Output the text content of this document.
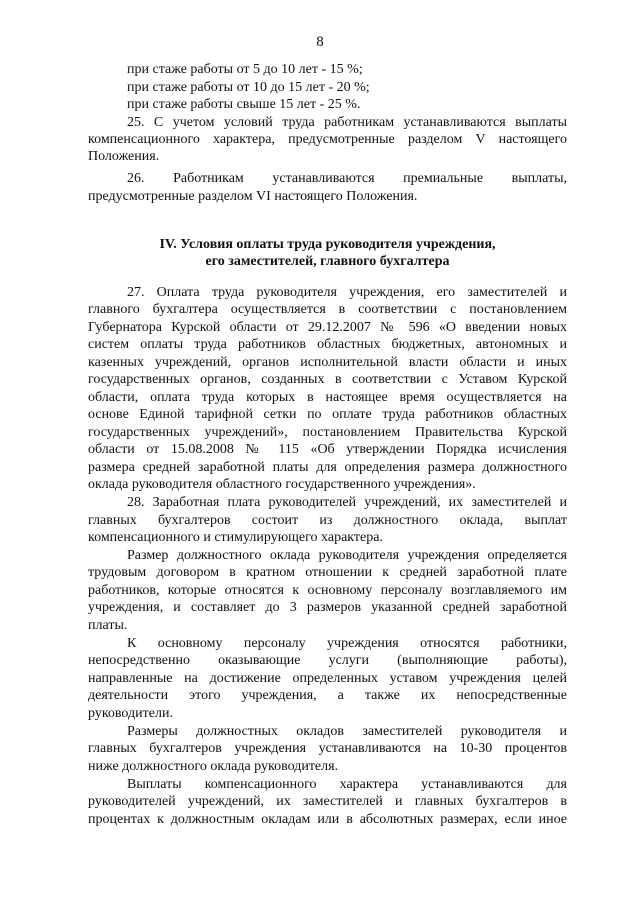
8
при стаже работы от 5 до 10 лет - 15 %;
при стаже работы от 10 до 15 лет - 20 %;
при стаже работы свыше 15 лет - 25 %.
25. С учетом условий труда работникам устанавливаются выплаты
компенсационного характера, предусмотренные разделом V настоящего
Положения.
26. Работникам устанавливаются премиальные выплаты,
предусмотренные разделом VI настоящего Положения.
IV. Условия оплаты труда руководителя учреждения,
его заместителей, главного бухгалтера
27. Оплата труда руководителя учреждения, его заместителей и
главного бухгалтера осуществляется в соответствии с постановлением
Губернатора Курской области от 29.12.2007 № 596 «О введении новых
систем оплаты труда работников областных бюджетных, автономных и
казенных учреждений, органов исполнительной власти области и иных
государственных органов, созданных в соответствии с Уставом Курской
области, оплата труда которых в настоящее время осуществляется на
основе Единой тарифной сетки по оплате труда работников областных
государственных учреждений», постановлением Правительства Курской
области от 15.08.2008 № 115 «Об утверждении Порядка исчисления
размера средней заработной платы для определения размера должностного
оклада руководителя областного государственного учреждения».
28. Заработная плата руководителей учреждений, их заместителей и
главных бухгалтеров состоит из должностного оклада, выплат
компенсационного и стимулирующего характера.
Размер должностного оклада руководителя учреждения определяется
трудовым договором в кратном отношении к средней заработной плате
работников, которые относятся к основному персоналу возглавляемого им
учреждения, и составляет до 3 размеров указанной средней заработной
платы.
К основному персоналу учреждения относятся работники,
непосредственно оказывающие услуги (выполняющие работы),
направленные на достижение определенных уставом учреждения целей
деятельности этого учреждения, а также их непосредственные
руководители.
Размеры должностных окладов заместителей руководителя и
главных бухгалтеров учреждения устанавливаются на 10-30 процентов
ниже должностного оклада руководителя.
Выплаты компенсационного характера устанавливаются для
руководителей учреждений, их заместителей и главных бухгалтеров в
процентах к должностным окладам или в абсолютных размерах, если иное
